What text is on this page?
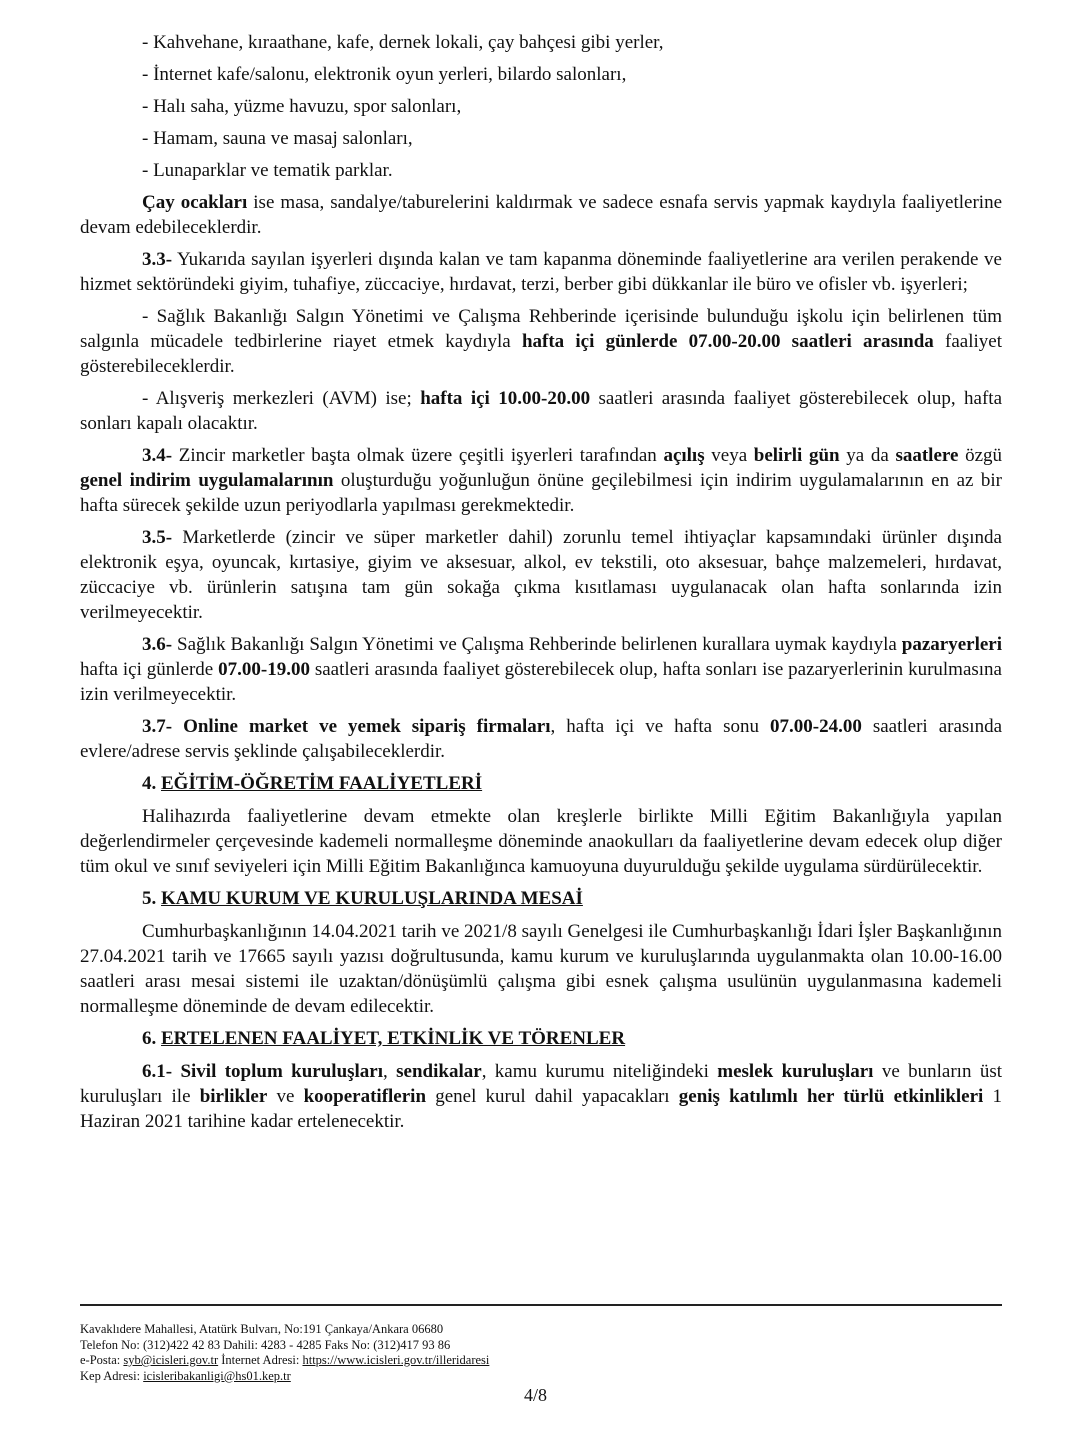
- Kahvehane, kıraathane, kafe, dernek lokali, çay bahçesi gibi yerler,
- İnternet kafe/salonu, elektronik oyun yerleri, bilardo salonları,
- Halı saha, yüzme havuzu, spor salonları,
- Hamam, sauna ve masaj salonları,
- Lunaparklar ve tematik parklar.

Çay ocakları ise masa, sandalye/taburelerini kaldırmak ve sadece esnafa servis yapmak kaydıyla faaliyetlerine devam edebileceklerdir.

3.3- Yukarıda sayılan işyerleri dışında kalan ve tam kapanma döneminde faaliyetlerine ara verilen perakende ve hizmet sektöründeki giyim, tuhafiye, züccaciye, hırdavat, terzi, berber gibi dükkanlar ile büro ve ofisler vb. işyerleri;

- Sağlık Bakanlığı Salgın Yönetimi ve Çalışma Rehberinde içerisinde bulunduğu işkolu için belirlenen tüm salgınla mücadele tedbirlerine riayet etmek kaydıyla hafta içi günlerde 07.00-20.00 saatleri arasında faaliyet gösterebileceklerdir.

- Alışveriş merkezleri (AVM) ise; hafta içi 10.00-20.00 saatleri arasında faaliyet gösterebilecek olup, hafta sonları kapalı olacaktır.

3.4- Zincir marketler başta olmak üzere çeşitli işyerleri tarafından açılış veya belirli gün ya da saatlere özgü genel indirim uygulamalarının oluşturduğu yoğunluğun önüne geçilebilmesi için indirim uygulamalarının en az bir hafta sürecek şekilde uzun periyodlarla yapılması gerekmektedir.

3.5- Marketlerde (zincir ve süper marketler dahil) zorunlu temel ihtiyaçlar kapsamındaki ürünler dışında elektronik eşya, oyuncak, kırtasiye, giyim ve aksesuar, alkol, ev tekstili, oto aksesuar, bahçe malzemeleri, hırdavat, züccaciye vb. ürünlerin satışına tam gün sokağa çıkma kısıtlaması uygulanacak olan hafta sonlarında izin verilmeyecektir.

3.6- Sağlık Bakanlığı Salgın Yönetimi ve Çalışma Rehberinde belirlenen kurallara uymak kaydıyla pazaryerleri hafta içi günlerde 07.00-19.00 saatleri arasında faaliyet gösterebilecek olup, hafta sonları ise pazaryerlerinin kurulmasına izin verilmeyecektir.

3.7- Online market ve yemek sipariş firmaları, hafta içi ve hafta sonu 07.00-24.00 saatleri arasında evlere/adrese servis şeklinde çalışabileceklerdir.

4. EĞİTİM-ÖĞRETİM FAALİYETLERİ

Halihazırda faaliyetlerine devam etmekte olan kreşlerle birlikte Milli Eğitim Bakanlığıyla yapılan değerlendirmeler çerçevesinde kademeli normalleşme döneminde anaokulları da faaliyetlerine devam edecek olup diğer tüm okul ve sınıf seviyeleri için Milli Eğitim Bakanlığınca kamuoyuna duyurulduğu şekilde uygulama sürdürülecektir.

5. KAMU KURUM VE KURULUŞLARINDA MESAİ

Cumhurbaşkanlığının 14.04.2021 tarih ve 2021/8 sayılı Genelgesi ile Cumhurbaşkanlığı İdari İşler Başkanlığının 27.04.2021 tarih ve 17665 sayılı yazısı doğrultusunda, kamu kurum ve kuruluşlarında uygulanmakta olan 10.00-16.00 saatleri arası mesai sistemi ile uzaktan/dönüşümlü çalışma gibi esnek çalışma usulünün uygulanmasına kademeli normalleşme döneminde de devam edilecektir.

6. ERTELENEN FAALİYET, ETKİNLİK VE TÖRENLER

6.1- Sivil toplum kuruluşları, sendikalar, kamu kurumu niteliğindeki meslek kuruluşları ve bunların üst kuruluşları ile birlikler ve kooperatiflerin genel kurul dahil yapacakları geniş katılımlı her türlü etkinlikleri 1 Haziran 2021 tarihine kadar ertelenecektir.

Kavaklıdere Mahallesi, Atatürk Bulvarı, No:191 Çankaya/Ankara 06680
Telefon No: (312)422 42 83 Dahili: 4283 - 4285 Faks No: (312)417 93 86
e-Posta: syb@icisleri.gov.tr İnternet Adresi: https://www.icisleri.gov.tr/illeridaresi
Kep Adresi: icisleribakanligi@hs01.kep.tr
4/8
